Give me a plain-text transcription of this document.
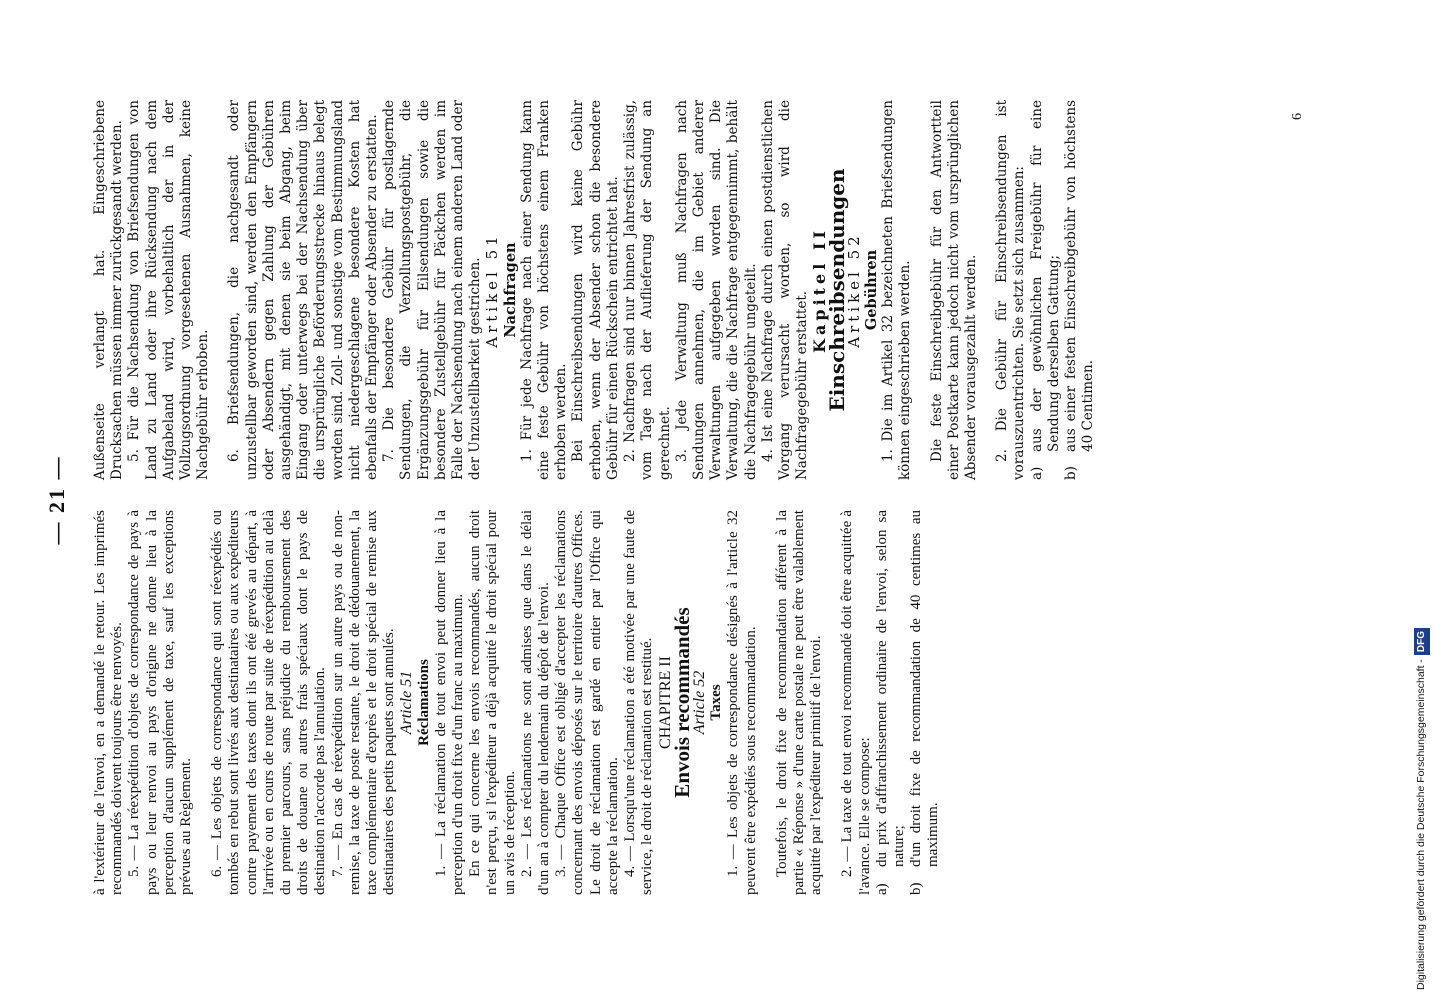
— 21 —

à l'extérieur de l'envoi, en a demandé le retour. Les imprimés recommandés doivent toujours être renvoyés. 5. — La réexpédition d'objets de correspondance de pays à pays ou leur renvoi au pays d'origine ne donne lieu à la perception d'aucun supplément de taxe, sauf les exceptions prévues au Règlement. 6. — Les objets de correspondance qui sont réexpédiés ou tombés en rebut sont livrés aux destinataires ou aux expéditeurs contre payement des taxes dont ils ont été grevés au départ, à l'arrivée ou en cours de route par suite de réexpédition au delà du premier parcours, sans préjudice du remboursement des droits de douane ou autres frais spéciaux dont le pays de destination n'accorde pas l'annulation. 7. — En cas de réexpédition sur un autre pays ou de non-remise, la taxe de poste restante, le droit de dédouanement, la taxe complémentaire d'exprès et le droit spécial de remise aux destinataires des petits paquets sont annulés. Article 51 Réclamations 1. — La réclamation de tout envoi peut donner lieu à la perception d'un droit fixe d'un franc au maximum. En ce qui concerne les envois recommandés, aucun droit n'est perçu, si l'expéditeur a déjà acquitté le droit spécial pour un avis de réception. 2. — Les réclamations ne sont admises que dans le délai d'un an à compter du lendemain du dépôt de l'envoi. 3. — Chaque Office est obligé d'accepter les réclamations concernant des envois déposés sur le territoire d'autres Offices. Le droit de réclamation est gardé en entier par l'Office qui accepte la réclamation. 4. — Lorsqu'une réclamation a été motivée par une faute de service, le droit de réclamation est restitué. CHAPITRE II

Envois recommandés

Article 52 Taxes 1. — Les objets de correspondance désignés à l'article 32 peuvent être expédiés sous recommandation. Toutefois, le droit fixe de recommandation afférent à la partie « Réponse » d'une carte postale ne peut être valablement acquitté par l'expéditeur primitif de l'envoi. 2. — La taxe de tout envoi recommandé doit être acquittée à l'avance. Elle se compose: a)
du prix d'affranchissement ordinaire de l'envoi, selon sa nature;

b)
d'un droit fixe de recommandation de 40 centimes au maximum.

Außenseite verlangt hat. Eingeschriebene Drucksachen müssen immer zurückgesandt werden. 5. Für die Nachsendung von Briefsendungen von Land zu Land oder ihre Rücksendung nach dem Aufgabeland wird, vorbehaltlich der in der Vollzugsordnung vorgesehenen Ausnahmen, keine Nachgebühr erhoben. 6. Briefsendungen, die nachgesandt oder unzustellbar geworden sind, werden den Empfängern oder Absendern gegen Zahlung der Gebühren ausgehändigt, mit denen sie beim Abgang, beim Eingang oder unterwegs bei der Nachsendung über die ursprüngliche Beförderungsstrecke hinaus belegt worden sind. Zoll- und sonstige vom Bestimmungsland nicht niedergeschlagene besondere Kosten hat ebenfalls der Empfänger oder Absender zu erstatten. 7. Die besondere Gebühr für postlagernde Sendungen, die Verzollungspostgebühr, die Ergänzungsgebühr für Eilsendungen sowie die besondere Zustellgebühr für Päckchen werden im Falle der Nachsendung nach einem anderen Land oder der Unzustellbarkeit gestrichen. Artikel 51 Nachfragen 1. Für jede Nachfrage nach einer Sendung kann eine feste Gebühr von höchstens einem Franken erhoben werden. Bei Einschreibsendungen wird keine Gebühr erhoben, wenn der Absender schon die besondere Gebühr für einen Rückschein entrichtet hat. 2. Nachfragen sind nur binnen Jahresfrist zulässig, vom Tage nach der Auflieferung der Sendung an gerechnet. 3. Jede Verwaltung muß Nachfragen nach Sendungen annehmen, die im Gebiet anderer Verwaltungen aufgegeben worden sind. Die Verwaltung, die die Nachfrage entgegennimmt, behält die Nachfragegebühr ungeteilt. 4. Ist eine Nachfrage durch einen postdienstlichen Vorgang verursacht worden, so wird die Nachfragegebühr erstattet.

Kapitel II

Einschreibsendungen

Artikel 52 Gebühren 1. Die im Artikel 32 bezeichneten Briefsendungen können eingeschrieben werden. Die feste Einschreibgebühr für den Antwortteil einer Postkarte kann jedoch nicht vom ursprünglichen Absender vorausgezahlt werden. 2. Die Gebühr für Einschreibsendungen ist vorauszuentrichten. Sie setzt sich zusammen: a)
aus der gewöhnlichen Freigebühr für eine Sendung derselben Gattung;

b)
aus einer festen Einschreibgebühr von höchstens 40 Centimen.

6
Digitalisierung gefördert durch die Deutsche Forschungsgemeinschaft -DFG
